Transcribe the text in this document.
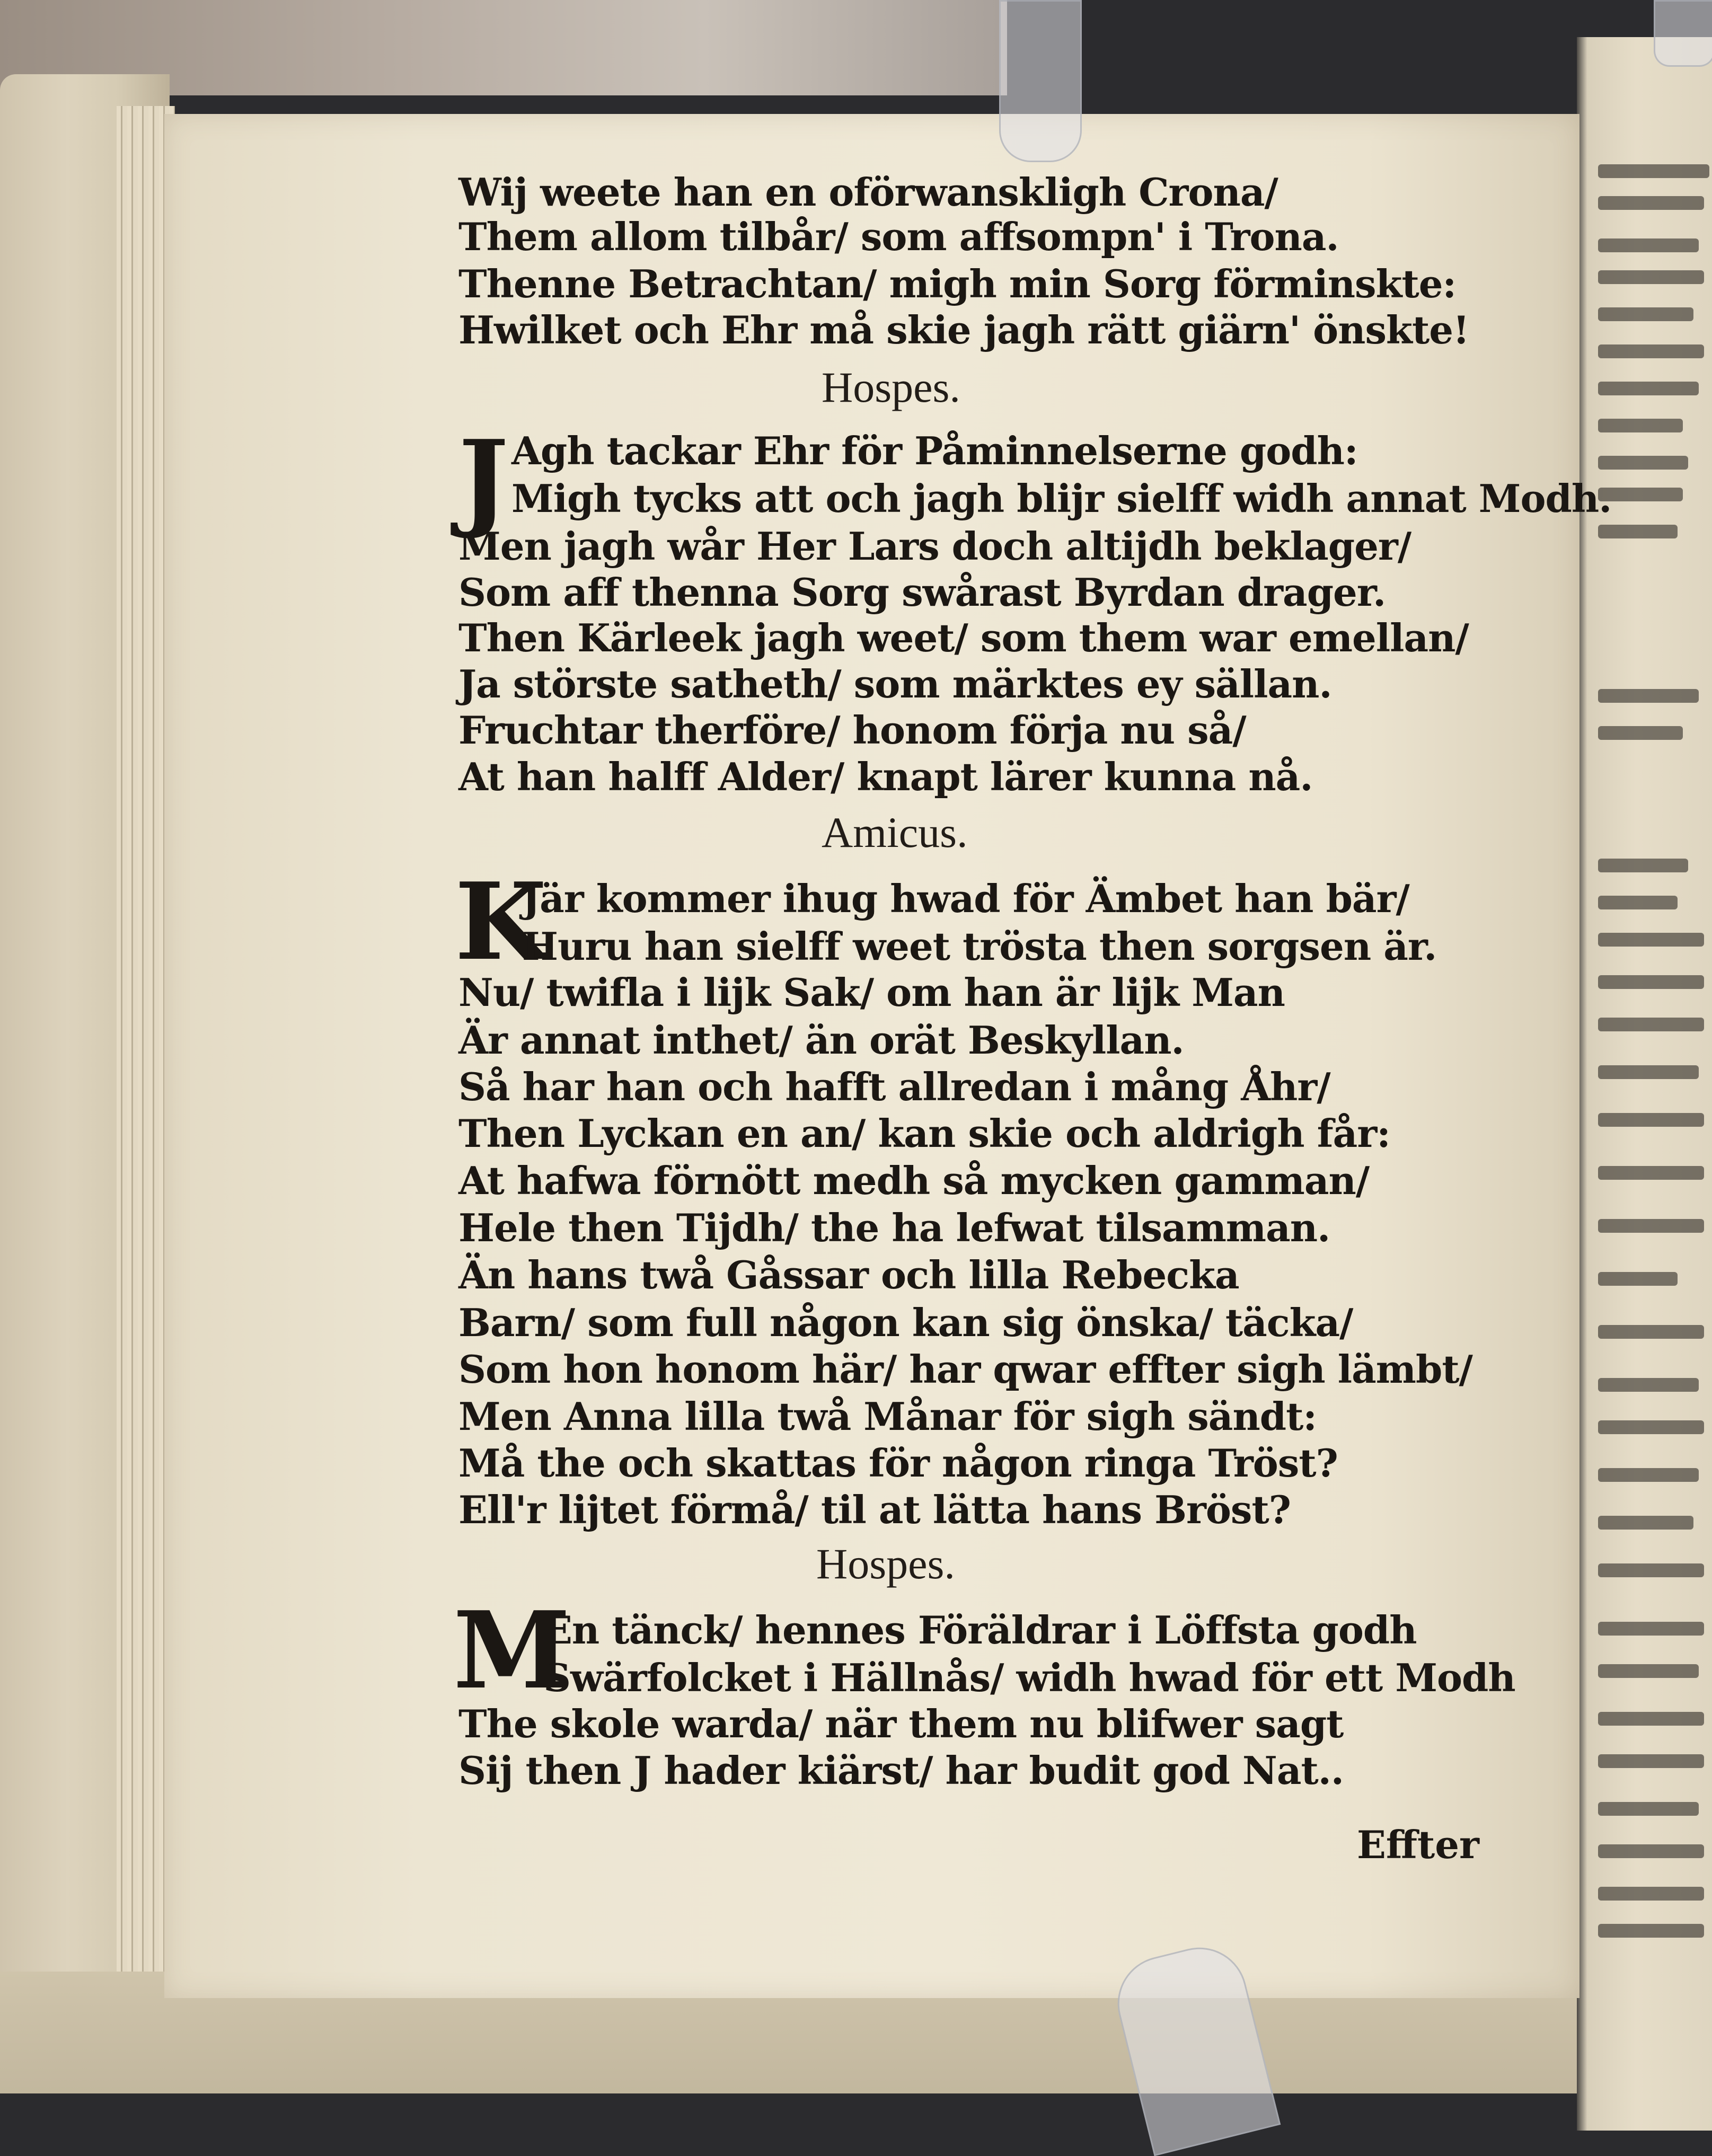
Wij weete han en oförwanskligh Crona/
Them allom tilbår/ som affsompn' i Trona.
Thenne Betrachtan/ migh min Sorg förminskte:
Hwilket och Ehr må skie jagh rätt giärn' önskte!
Hospes.
J Agh tackar Ehr för Påminnelserne godh:
Migh tycks att och jagh blijr sielff widh annat Modh.
Men jagh wår Her Lars doch altijdh beklager/
Som aff thenna Sorg swårast Byrdan drager.
Then Kärleek jagh weet/ som them war emellan/
Ja störste satheth/ som märktes ey sällan.
Fruchtar therföre/ honom förja nu så/
At han halff Alder/ knapt lärer kunna nå.
Amicus.
K
Jär kommer ihug hwad för Ämbet han bär/
Huru han sielff weet trösta then sorgsen är.
Nu/ twifla i lijk Sak/ om han är lijk Man
Är annat inthet/ än orät Beskyllan.
Så har han och hafft allredan i mång Åhr/
Then Lyckan en an/ kan skie och aldrigh får:
At hafwa förnött medh så mycken gamman/
Hele then Tijdh/ the ha lefwat tilsamman.
Än hans twå Gåssar och lilla Rebecka
Barn/ som full någon kan sig önska/ täcka/
Som hon honom här/ har qwar effter sigh lämbt/
Men Anna lilla twå Månar för sigh sändt:
Må the och skattas för någon ringa Tröst?
Ell'r lijtet förmå/ til at lätta hans Bröst?
Hospes.
M
En tänck/ hennes Föräldrar i Löffsta godh
Swärfolcket i Hällnås/ widh hwad för ett Modh
The skole warda/ när them nu blifwer sagt
Sij then J hader kiärst/ har budit god Nat..
Effter
